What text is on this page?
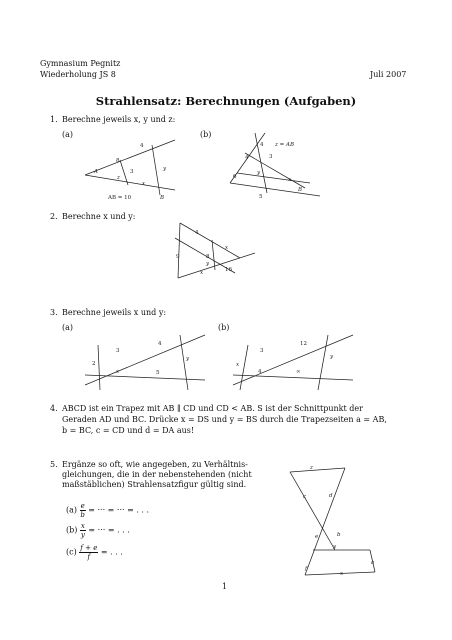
Gymnasium Pegnitz
Wiederholung JS 8	Juli 2007
Strahlensatz: Berechnungen (Aufgaben)
1. Berechne jeweils x, y und z:
(a)	(b)
4
8
3	y
z
x
A
B
AB = 10
4
4	3
6
y
x
5
B
z = AB
2. Berechne x und y:
4
x
9	8
x
y
16
3. Berechne jeweils x und y:
(a)	(b)
3
4
2
x	5
y
3
12
x
4
y
∞
4. ABCD ist ein Trapez mit AB ∥ CD und CD < AB. S ist der Schnittpunkt der
Geraden AD und BC. Drücke x = DS und y = BS durch die Trapezseiten a = AB,
b = BC, c = CD und d = DA aus!
5. Ergänze so oft, wie angegeben, zu Verhältnis-
gleichungen, die in der nebenstehenden (nicht
maßstäblichen) Strahlensatzfigur gültig sind.
$(a) \frac{e}{b}$ = ··· = ··· = . . .
$(b) \frac{x}{y}$ = ··· = . . .
$(c) \frac{f + e}{f}$ = . . .
z
c	d
e	b
y
f
x
a
1
